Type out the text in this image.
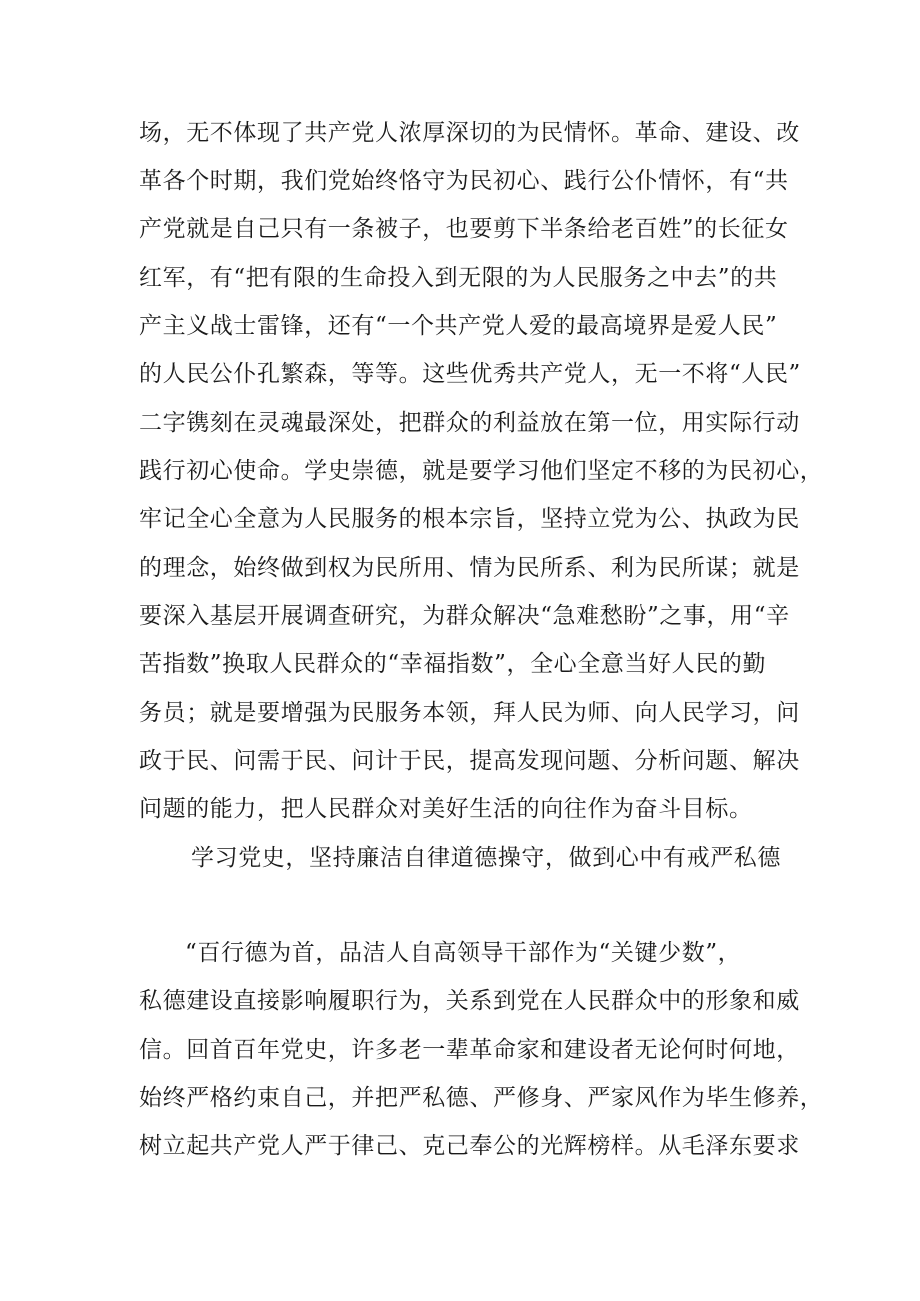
场，无不体现了共产党人浓厚深切的为民情怀。革命、建设、改
革各个时期，我们党始终恪守为民初心、践行公仆情怀，有“共
产党就是自己只有一条被子，也要剪下半条给老百姓”的长征女
红军，有“把有限的生命投入到无限的为人民服务之中去”的共
产主义战士雷锋，还有“一个共产党人爱的最高境界是爱人民”
的人民公仆孔繁森，等等。这些优秀共产党人，无一不将“人民”
二字镌刻在灵魂最深处，把群众的利益放在第一位，用实际行动
践行初心使命。学史崇德，就是要学习他们坚定不移的为民初心，
牢记全心全意为人民服务的根本宗旨，坚持立党为公、执政为民
的理念，始终做到权为民所用、情为民所系、利为民所谋；就是
要深入基层开展调查研究，为群众解决“急难愁盼”之事，用“辛
苦指数”换取人民群众的“幸福指数”，全心全意当好人民的勤
务员；就是要增强为民服务本领，拜人民为师、向人民学习，问
政于民、问需于民、问计于民，提高发现问题、分析问题、解决
问题的能力，把人民群众对美好生活的向往作为奋斗目标。
学习党史，坚持廉洁自律道德操守，做到心中有戒严私德
“百行德为首，品洁人自高领导干部作为“关键少数”，
私德建设直接影响履职行为，关系到党在人民群众中的形象和威
信。回首百年党史，许多老一辈革命家和建设者无论何时何地，
始终严格约束自己，并把严私德、严修身、严家风作为毕生修养，
树立起共产党人严于律己、克己奉公的光辉榜样。从毛泽东要求
